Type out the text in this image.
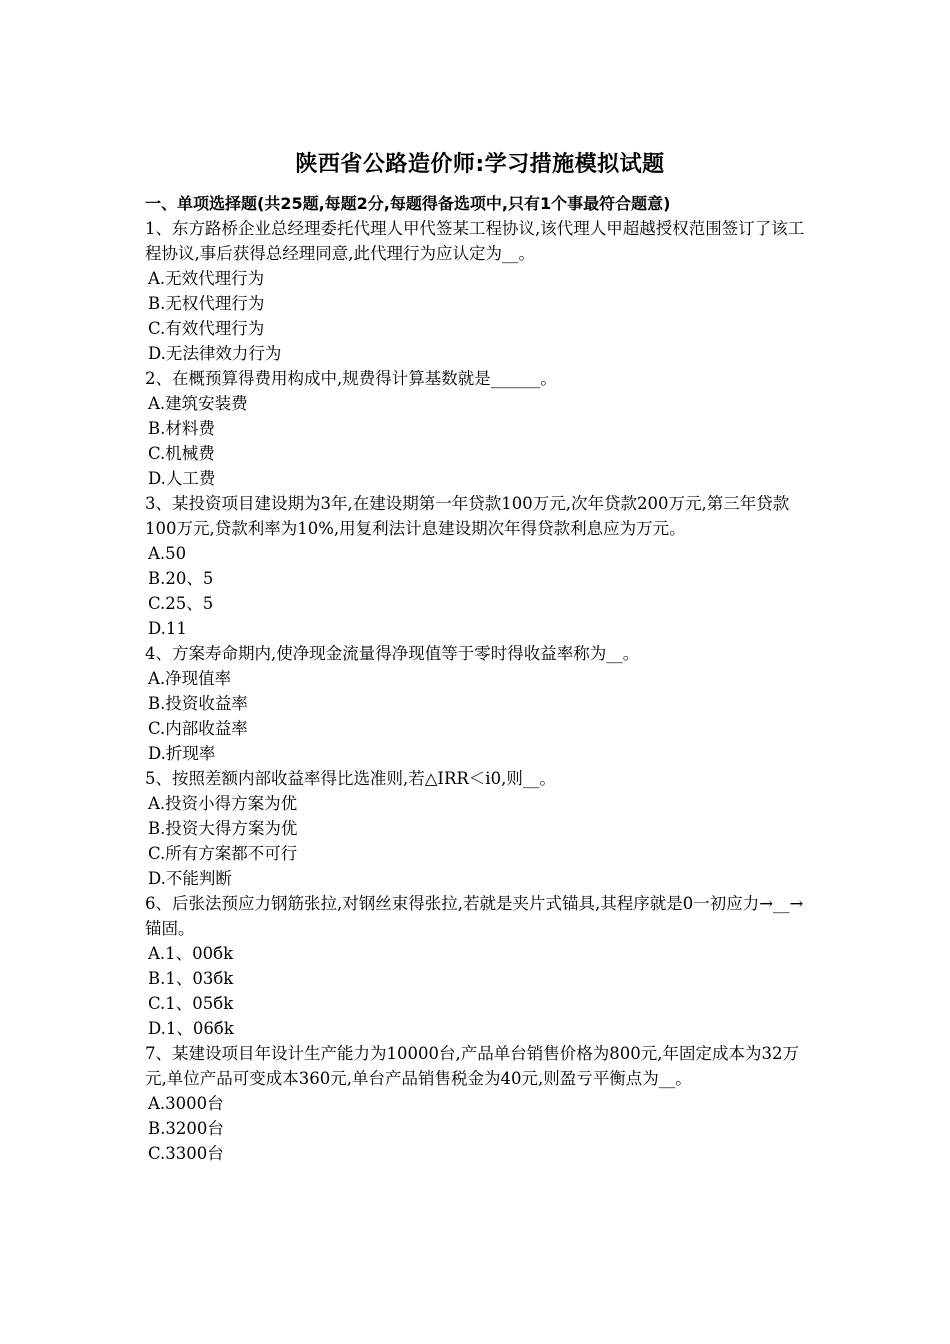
陕西省公路造价师:学习措施模拟试题

一、单项选择题(共25题,每题2分,每题得备选项中,只有1个事最符合题意)

1、东方路桥企业总经理委托代理人甲代签某工程协议,该代理人甲超越授权范围签订了该工程协议,事后获得总经理同意,此代理行为应认定为__。

A.无效代理行为
B.无权代理行为
C.有效代理行为
D.无法律效力行为

2、在概预算得费用构成中,规费得计算基数就是______。

A.建筑安装费
B.材料费
C.机械费
D.人工费

3、某投资项目建设期为3年,在建设期第一年贷款100万元,次年贷款200万元,第三年贷款100万元,贷款利率为10%,用复利法计息建设期次年得贷款利息应为万元。

A.50
B.20、5
C.25、5
D.11

4、方案寿命期内,使净现金流量得净现值等于零时得收益率称为__。

A.净现值率
B.投资收益率
C.内部收益率
D.折现率

5、按照差额内部收益率得比选准则,若△IRR＜i0,则__。

A.投资小得方案为优
B.投资大得方案为优
C.所有方案都不可行
D.不能判断

6、后张法预应力钢筋张拉,对钢丝束得张拉,若就是夹片式锚具,其程序就是0一初应力→__→锚固。

A.1、00бk
B.1、03бk
C.1、05бk
D.1、06бk

7、某建设项目年设计生产能力为10000台,产品单台销售价格为800元,年固定成本为32万元,单位产品可变成本360元,单台产品销售税金为40元,则盈亏平衡点为__。

A.3000台
B.3200台
C.3300台
